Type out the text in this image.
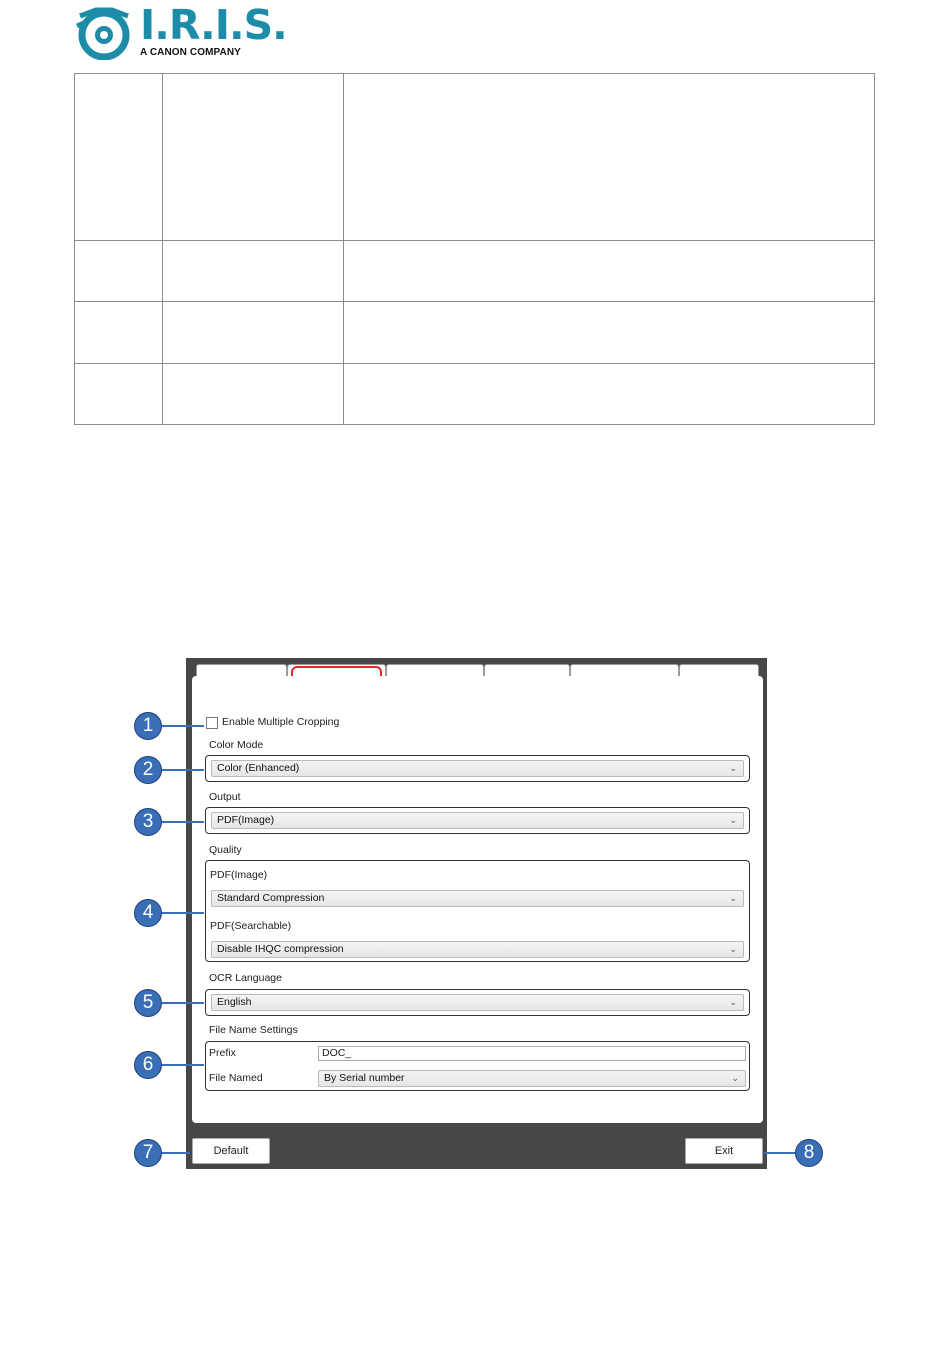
I.R.I.S.
A CANON COMPANY
Enable Multiple Cropping
Color Mode
Color (Enhanced)	⌄
Output
PDF(Image)	⌄
Quality
PDF(Image)
Standard Compression	⌄
PDF(Searchable)
Disable IHQC compression	⌄
OCR Language
English	⌄
File Name Settings
Prefix	DOC_
File Named	By Serial number	⌄
Default	Exit
1
2
3
4
5
6
7	8
